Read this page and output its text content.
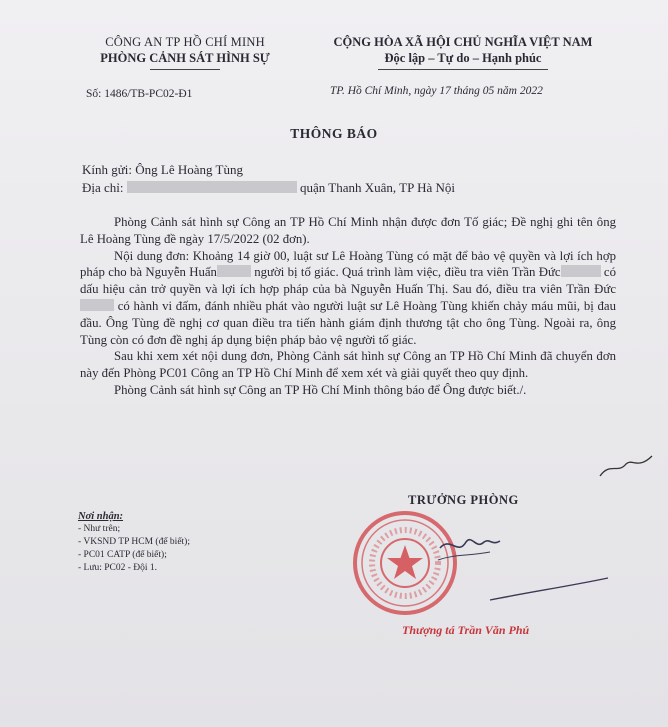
CÔNG AN TP HỒ CHÍ MINH
PHÒNG CẢNH SÁT HÌNH SỰ
CỘNG HÒA XÃ HỘI CHỦ NGHĨA VIỆT NAM
Độc lập – Tự do – Hạnh phúc
Số: 1486/TB-PC02-Đ1	TP. Hồ Chí Minh, ngày 17 tháng 05 năm 2022
THÔNG BÁO
Kính gửi: Ông Lê Hoàng Tùng
Địa chỉ:	quận Thanh Xuân, TP Hà Nội

Phòng Cảnh sát hình sự Công an TP Hồ Chí Minh nhận được đơn Tố giác; Đề nghị ghi tên ông Lê Hoàng Tùng đề ngày 17/5/2022 (02 đơn).

Nội dung đơn: Khoảng 14 giờ 00, luật sư Lê Hoàng Tùng có mặt để bảo vệ quyền và lợi ích hợp pháp cho bà Nguyễn Huấn	người bị tố giác. Quá trình làm việc, điều tra viên Trần Đức	có dấu hiệu cản trở quyền và lợi ích hợp pháp của bà Nguyễn Huấn Thị. Sau đó, điều tra viên Trần Đức có hành vi đấm, đánh nhiều phát vào người luật sư Lê Hoàng Tùng khiến chảy máu mũi, bị đau đầu. Ông Tùng đề nghị cơ quan điều tra tiến hành giám định thương tật cho ông Tùng. Ngoài ra, ông Tùng còn có đơn đề nghị áp dụng biện pháp bảo vệ người tố giác.

Sau khi xem xét nội dung đơn, Phòng Cảnh sát hình sự Công an TP Hồ Chí Minh đã chuyển đơn này đến Phòng PC01 Công an TP Hồ Chí Minh để xem xét và giải quyết theo quy định.

Phòng Cảnh sát hình sự Công an TP Hồ Chí Minh thông báo để Ông được biết./.

TRƯỞNG PHÒNG
Nơi nhận:
- Như trên;
- VKSND TP HCM (để biết);
- PC01 CATP (để biết);
- Lưu: PC02 - Đội 1.
Thượng tá Trần Văn Phú
